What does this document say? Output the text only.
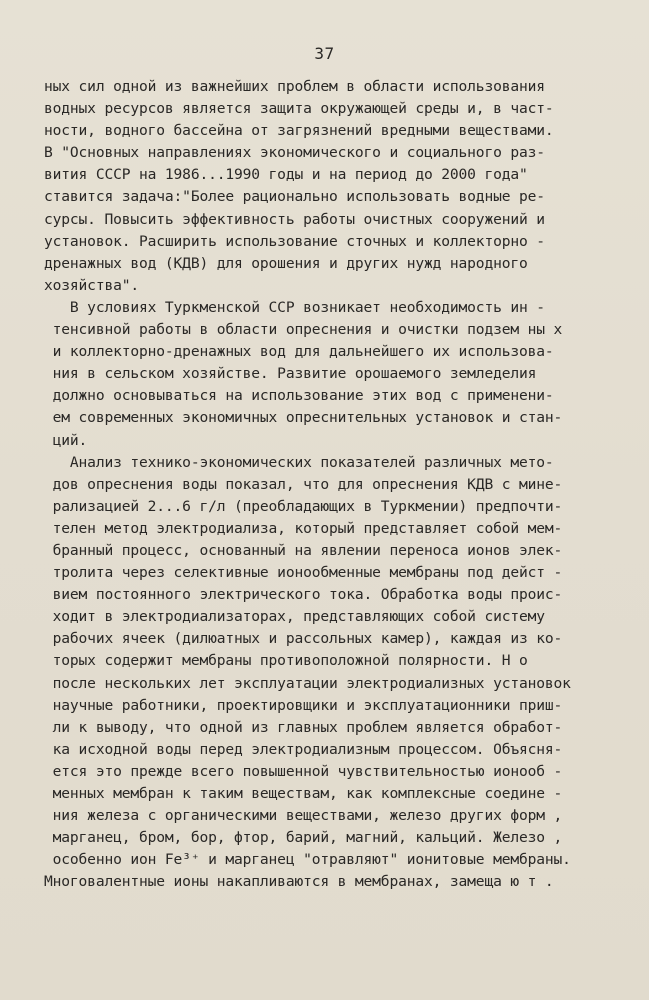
37
ных сил одной из важнейших проблем в области использования
водных ресурсов является защита окружающей среды и, в част-
ности, водного бассейна от загрязнений вредными веществами.
В "Основных направлениях экономического и социального раз-
вития СССР на 1986...1990 годы и на период до 2000 года"
ставится задача:"Более рационально использовать водные ре-
сурсы. Повысить эффективность работы очистных сооружений и
установок. Расширить использование сточных и коллекторно -
дренажных вод (КДВ) для орошения и других нужд народного
хозяйства".
В условиях Туркменской ССР возникает необходимость ин -
тенсивной работы в области опреснения и очистки подзем ны х
и коллекторно-дренажных вод для дальнейшего их использова-
ния в сельском хозяйстве. Развитие орошаемого земледелия
должно основываться на использование этих вод с применени-
ем современных экономичных опреснительных установок и стан-
ций.
Анализ технико-экономических показателей различных мето-
дов опреснения воды показал, что для опреснения КДВ с мине-
рализацией 2...6 г/л (преобладающих в Туркмении) предпочти-
телен метод электродиализа, который представляет собой мем-
бранный процесс, основанный на явлении переноса ионов элек-
тролита через селективные ионообменные мембраны под дейст -
вием постоянного электрического тока. Обработка воды проис-
ходит в электродиализаторах, представляющих собой систему
рабочих ячеек (дилюатных и рассольных камер), каждая из ко-
торых содержит мембраны противоположной полярности. Н о
после нескольких лет эксплуатации электродиализных установок
научные работники, проектировщики и эксплуатационники приш-
ли к выводу, что одной из главных проблем является обработ-
ка исходной воды перед электродиализным процессом. Объясня-
ется это прежде всего повышенной чувствительностью ионооб -
менных мембран к таким веществам, как комплексные соедине -
ния железа с органическими веществами, железо других форм ,
марганец, бром, бор, фтор, барий, магний, кальций. Железо ,
особенно ион Fe³⁺ и марганец "отравляют" ионитовые мембраны.
Многовалентные ионы накапливаются в мембранах, замеща ю т .
